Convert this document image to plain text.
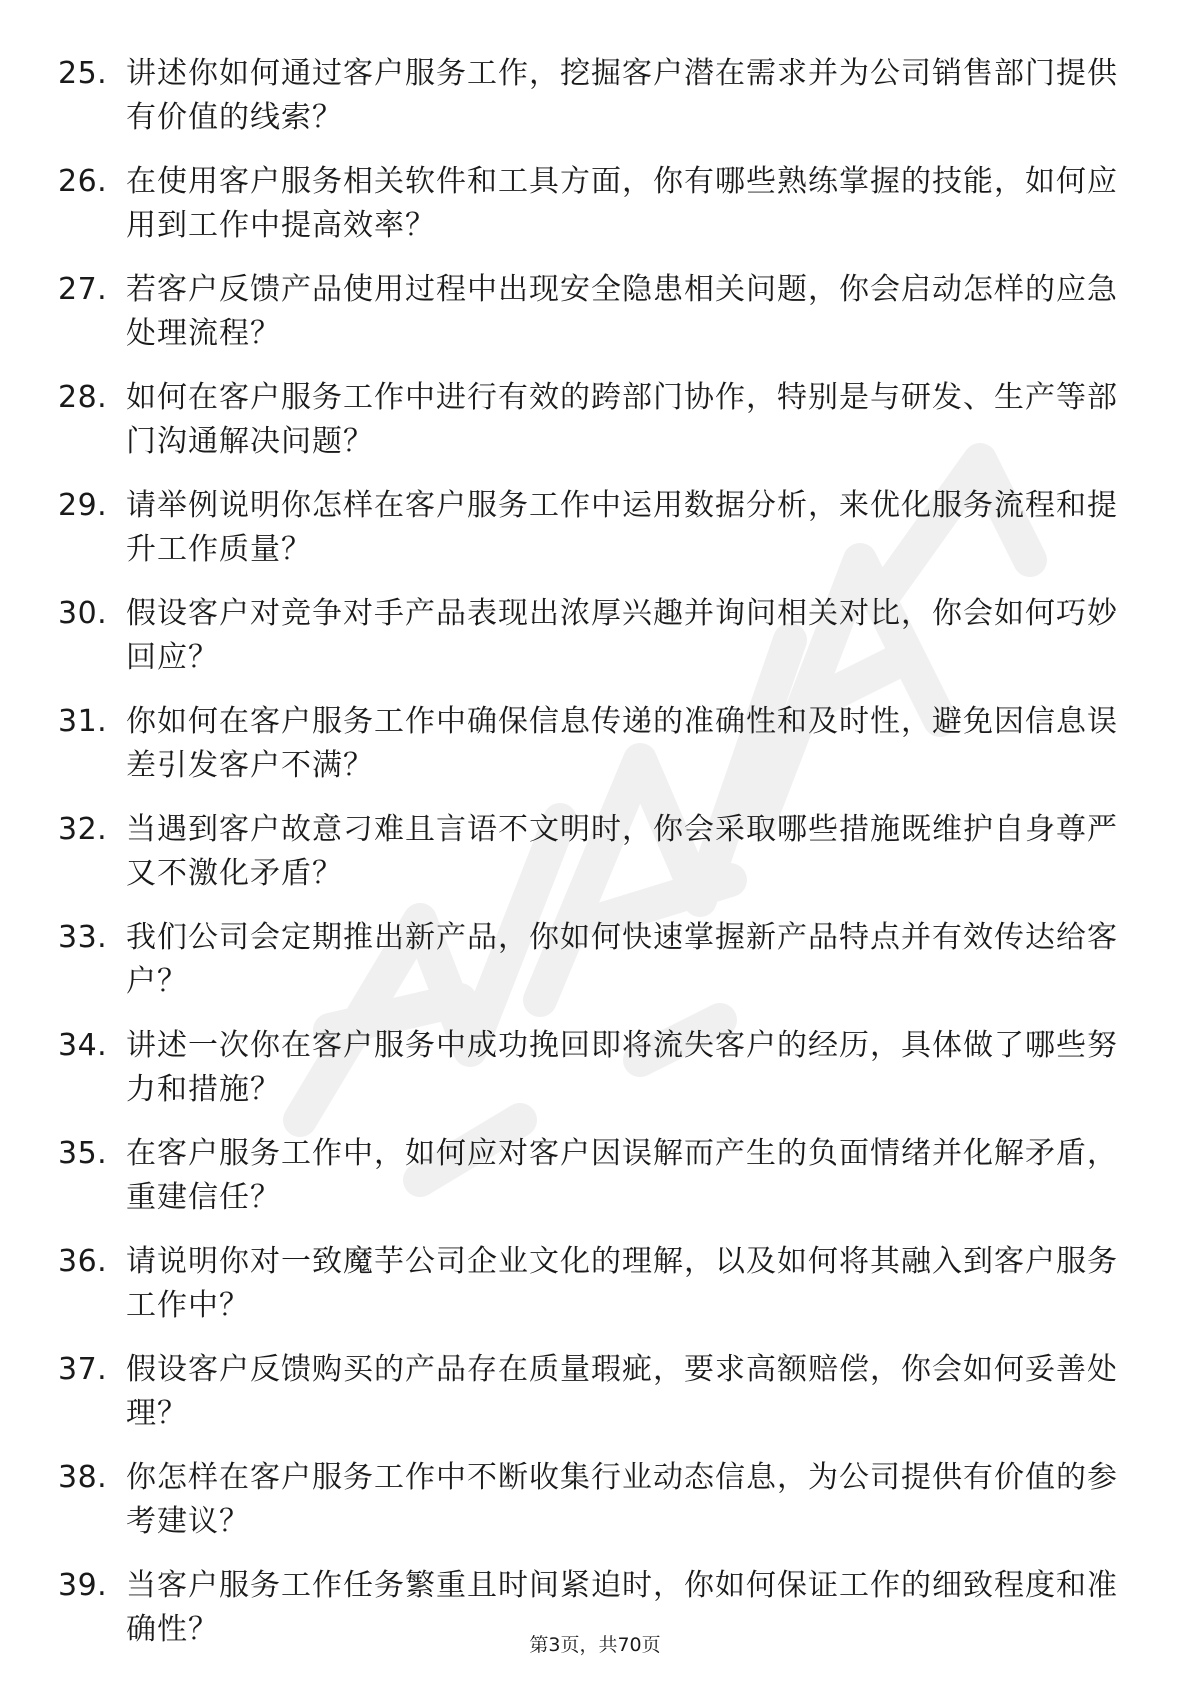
25. 讲述你如何通过客户服务工作，挖掘客户潜在需求并为公司销售部门提供有价值的线索？
26. 在使用客户服务相关软件和工具方面，你有哪些熟练掌握的技能，如何应用到工作中提高效率？
27. 若客户反馈产品使用过程中出现安全隐患相关问题，你会启动怎样的应急处理流程？
28. 如何在客户服务工作中进行有效的跨部门协作，特别是与研发、生产等部门沟通解决问题？
29. 请举例说明你怎样在客户服务工作中运用数据分析，来优化服务流程和提升工作质量？
30. 假设客户对竞争对手产品表现出浓厚兴趣并询问相关对比，你会如何巧妙回应？
31. 你如何在客户服务工作中确保信息传递的准确性和及时性，避免因信息误差引发客户不满？
32. 当遇到客户故意刁难且言语不文明时，你会采取哪些措施既维护自身尊严又不激化矛盾？
33. 我们公司会定期推出新产品，你如何快速掌握新产品特点并有效传达给客户？
34. 讲述一次你在客户服务中成功挽回即将流失客户的经历，具体做了哪些努力和措施？
35. 在客户服务工作中，如何应对客户因误解而产生的负面情绪并化解矛盾，重建信任？
36. 请说明你对一致魔芋公司企业文化的理解，以及如何将其融入到客户服务工作中？
37. 假设客户反馈购买的产品存在质量瑕疵，要求高额赔偿，你会如何妥善处理？
38. 你怎样在客户服务工作中不断收集行业动态信息，为公司提供有价值的参考建议？
39. 当客户服务工作任务繁重且时间紧迫时，你如何保证工作的细致程度和准确性？	第3页，共70页
